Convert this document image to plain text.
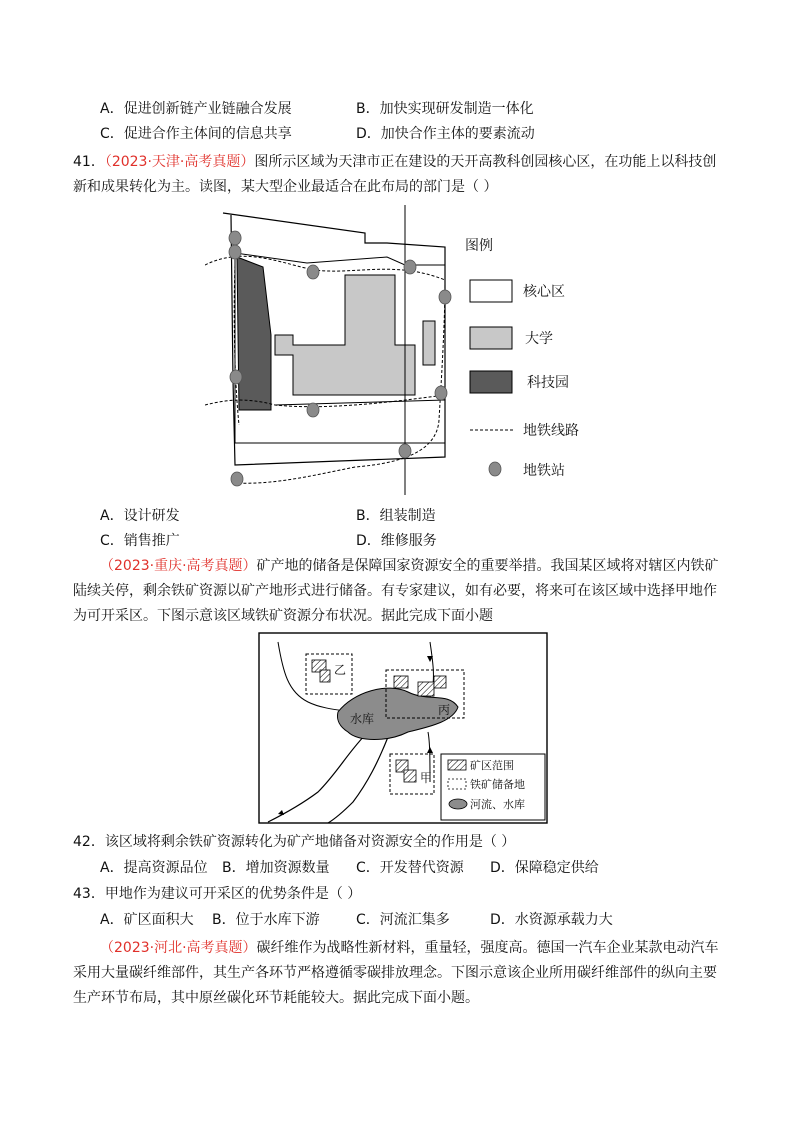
A．促进创新链产业链融合发展	B．加快实现研发制造一体化
C．促进合作主体间的信息共享	D．加快合作主体的要素流动
41．（2023·天津·高考真题）图所示区域为天津市正在建设的天开高教科创园核心区，在功能上以科技创
新和成果转化为主。读图，某大型企业最适合在此布局的部门是（ ）
图例
核心区
大学
科技园
地铁线路
地铁站
A．设计研发	B．组装制造
C．销售推广	D．维修服务
（2023·重庆·高考真题）矿产地的储备是保障国家资源安全的重要举措。我国某区域将对辖区内铁矿
陆续关停，剩余铁矿资源以矿产地形式进行储备。有专家建议，如有必要，将来可在该区域中选择甲地作
为可开采区。下图示意该区域铁矿资源分布状况。据此完成下面小题
水库
乙
丙
甲
矿区范围
铁矿储备地
河流、水库
42．该区域将剩余铁矿资源转化为矿产地储备对资源安全的作用是（ ）
A．提高资源品位 B．增加资源数量 C．开发替代资源 D．保障稳定供给
43．甲地作为建议可开采区的优势条件是（ ）
A．矿区面积大 B．位于水库下游	C．河流汇集多	D．水资源承载力大
（2023·河北·高考真题）碳纤维作为战略性新材料，重量轻，强度高。德国一汽车企业某款电动汽车
采用大量碳纤维部件，其生产各环节严格遵循零碳排放理念。下图示意该企业所用碳纤维部件的纵向主要
生产环节布局，其中原丝碳化环节耗能较大。据此完成下面小题。
